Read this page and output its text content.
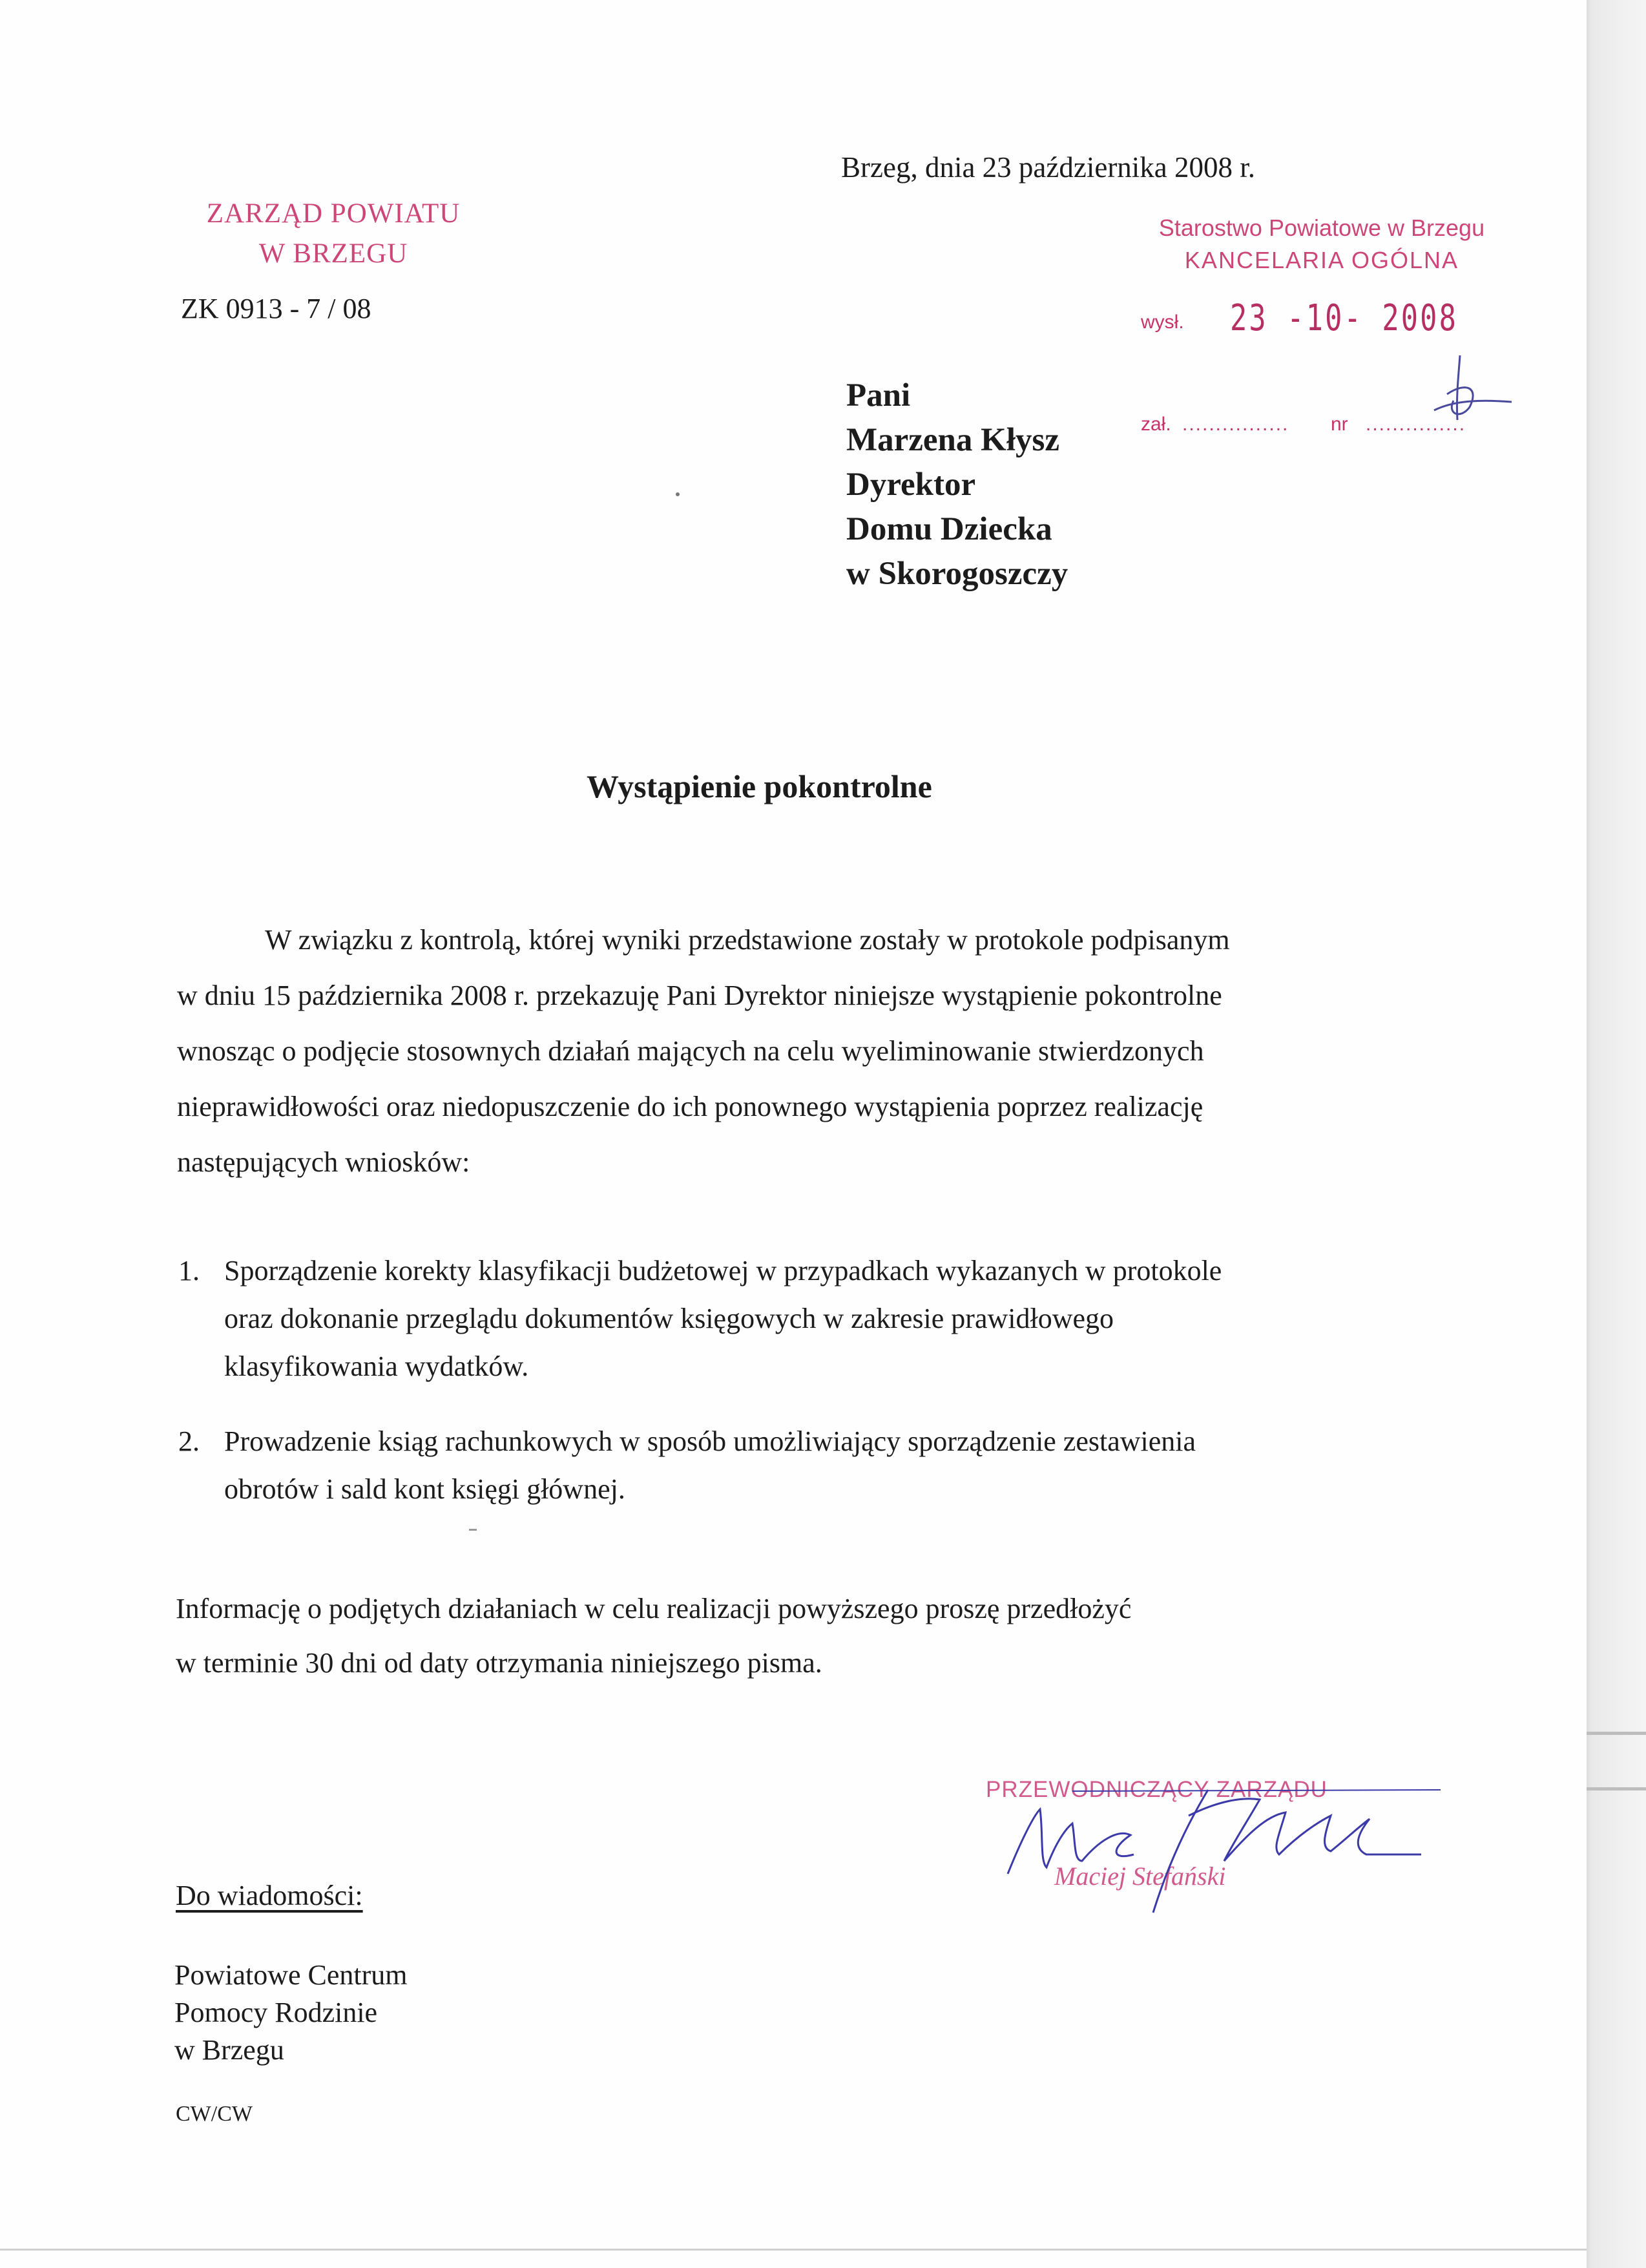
Brzeg, dnia 23 października 2008 r.
ZARZĄD POWIATU
W BRZEGU
ZK 0913 - 7 / 08
Starostwo Powiatowe w Brzegu
KANCELARIA OGÓLNA
wysł. 23 -10- 2008
zał. ................ nr ...............
Pani
Marzena Kłysz
Dyrektor
Domu Dziecka
w Skorogoszczy
Wystąpienie pokontrolne
W związku z kontrolą, której wyniki przedstawione zostały w protokole podpisanym
w dniu 15 października 2008 r. przekazuję Pani Dyrektor niniejsze wystąpienie pokontrolne
wnosząc o podjęcie stosownych działań mających na celu wyeliminowanie stwierdzonych
nieprawidłowości oraz niedopuszczenie do ich ponownego wystąpienia poprzez realizację
następujących wniosków:
1. Sporządzenie korekty klasyfikacji budżetowej w przypadkach wykazanych w protokole
oraz dokonanie przeglądu dokumentów księgowych w zakresie prawidłowego
klasyfikowania wydatków.
2. Prowadzenie ksiąg rachunkowych w sposób umożliwiający sporządzenie zestawienia
obrotów i sald kont księgi głównej.
Informację o podjętych działaniach w celu realizacji powyższego proszę przedłożyć
w terminie 30 dni od daty otrzymania niniejszego pisma.
PRZEWODNICZĄCY ZARZĄDU
Maciej Stefański
Do wiadomości:
Powiatowe Centrum
Pomocy Rodzinie
w Brzegu
CW/CW
